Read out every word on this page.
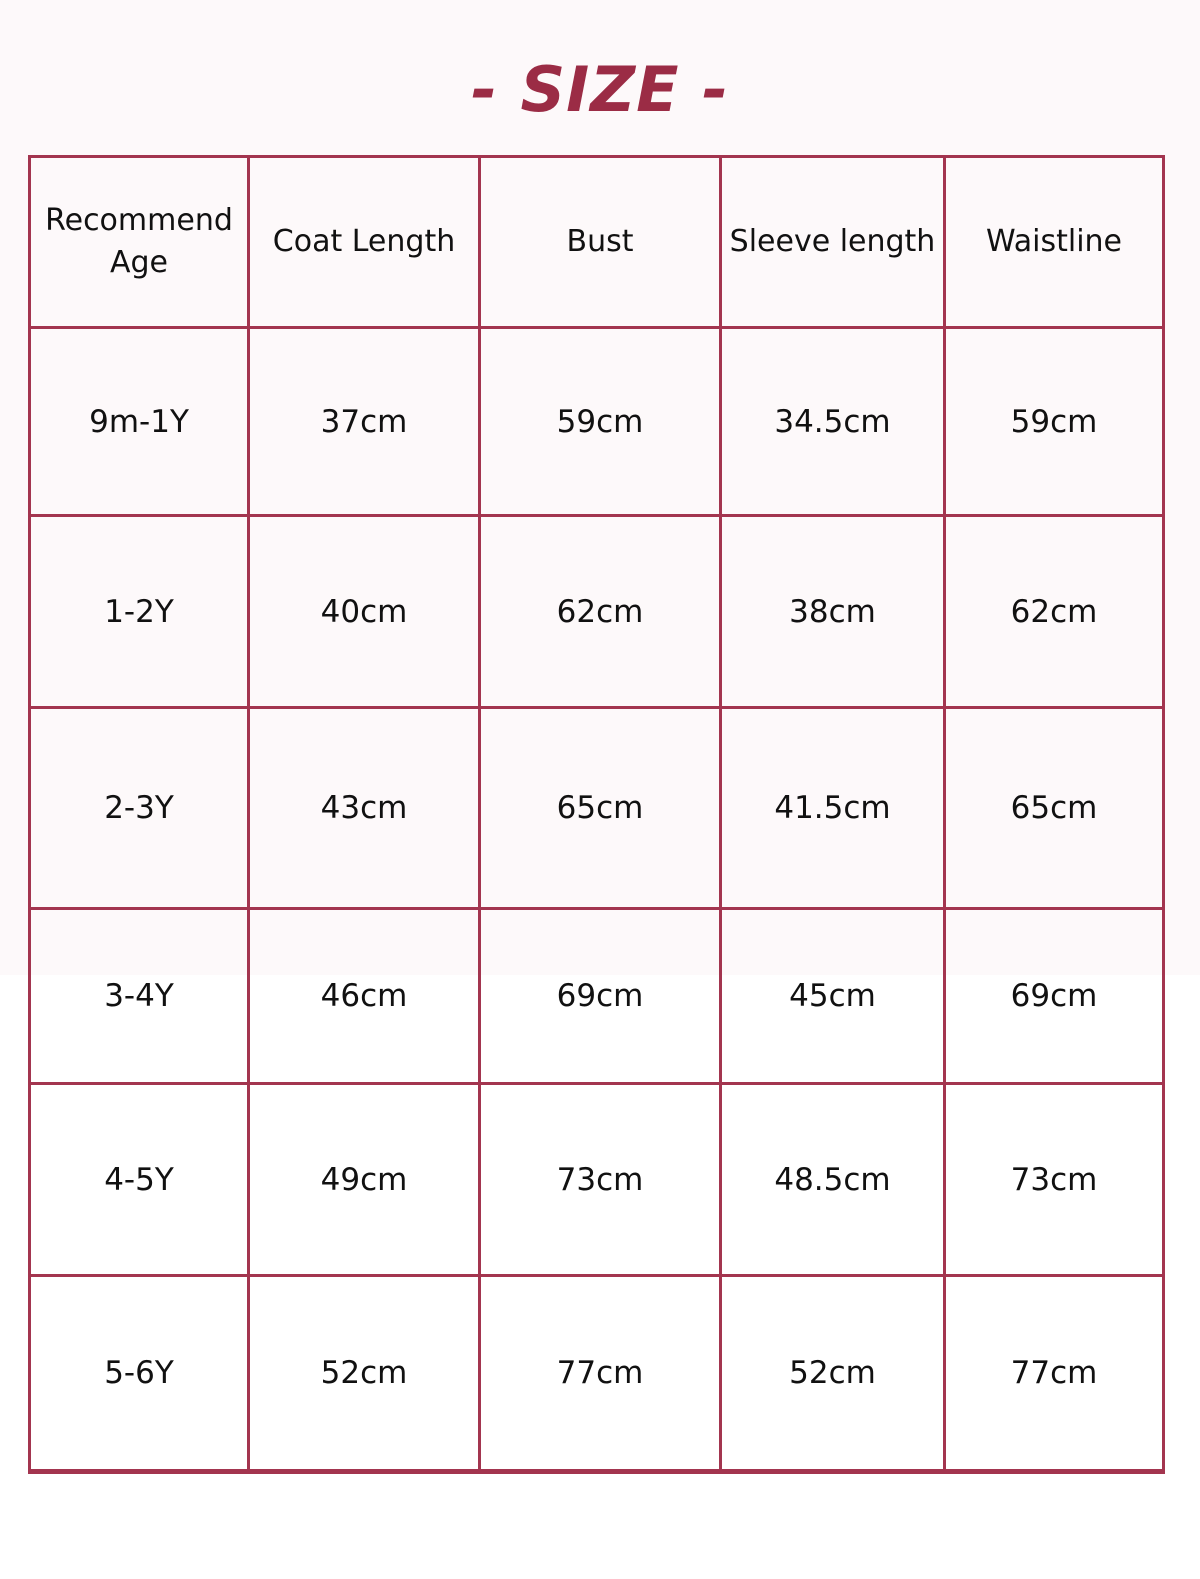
- SIZE -
Recommend Age	Coat Length	Bust	Sleeve length	Waistline
9m-1Y	37cm	59cm	34.5cm	59cm
1-2Y	40cm	62cm	38cm	62cm
2-3Y	43cm	65cm	41.5cm	65cm
3-4Y	46cm	69cm	45cm	69cm
4-5Y	49cm	73cm	48.5cm	73cm
5-6Y	52cm	77cm	52cm	77cm
